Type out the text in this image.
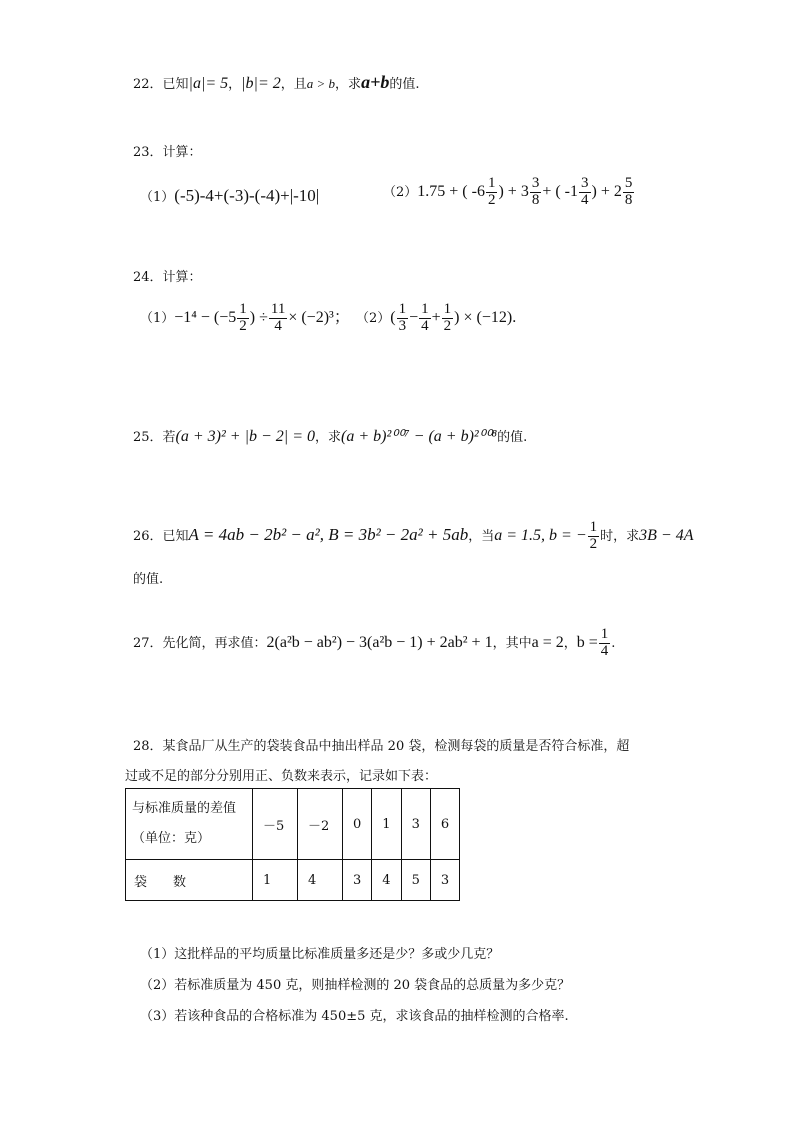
22．已知|a|= 5，|b|= 2，且a > b，求a+b的值.
23．计算：
（1）(-5)-4+(-3)-(-4)+|-10|	（2）1.75 + ( $-6 \frac{1}{2}$ ) + $3 \frac{3}{8}$ + ( $-1 \frac{3}{4}$ ) + $2 \frac{5}{8}$
24．计算：
$(1)-1^4 - (-5 \frac{1}{2}$ ) ÷ $\frac{11}{4} \times (-2)^3$； $(2)( \frac{1}{3} - \frac{1}{4} + \frac{1}{2}$ ) × (−12).
25．若(a + 3)² + |b − 2| = 0，求(a + b)²⁰⁰⁷ − (a + b)²⁰⁰⁸的值.
26．已知A = 4ab − 2b² − a², B = 3b² − 2a² + 5ab，当a = 1.5, b = − $\frac{1}{2}$ 时，求3B − 4A
的值.
27．先化简，再求值：2(a²b − ab²) − 3(a²b − 1) + 2ab² + 1，其中a = 2，$b = \frac{1}{4}$ .
28．某食品厂从生产的袋装食品中抽出样品 20 袋，检测每袋的质量是否符合标准，超
过或不足的部分分别用正、负数来表示，记录如下表：
与标准质量的差值
（单位：克）	－5	－2	0	1	3	6
袋　　数	1	4	3	4	5	3
（1）这批样品的平均质量比标准质量多还是少？多或少几克？
（2）若标准质量为 450 克，则抽样检测的 20 袋食品的总质量为多少克？
（3）若该种食品的合格标准为 450±5 克，求该食品的抽样检测的合格率.
